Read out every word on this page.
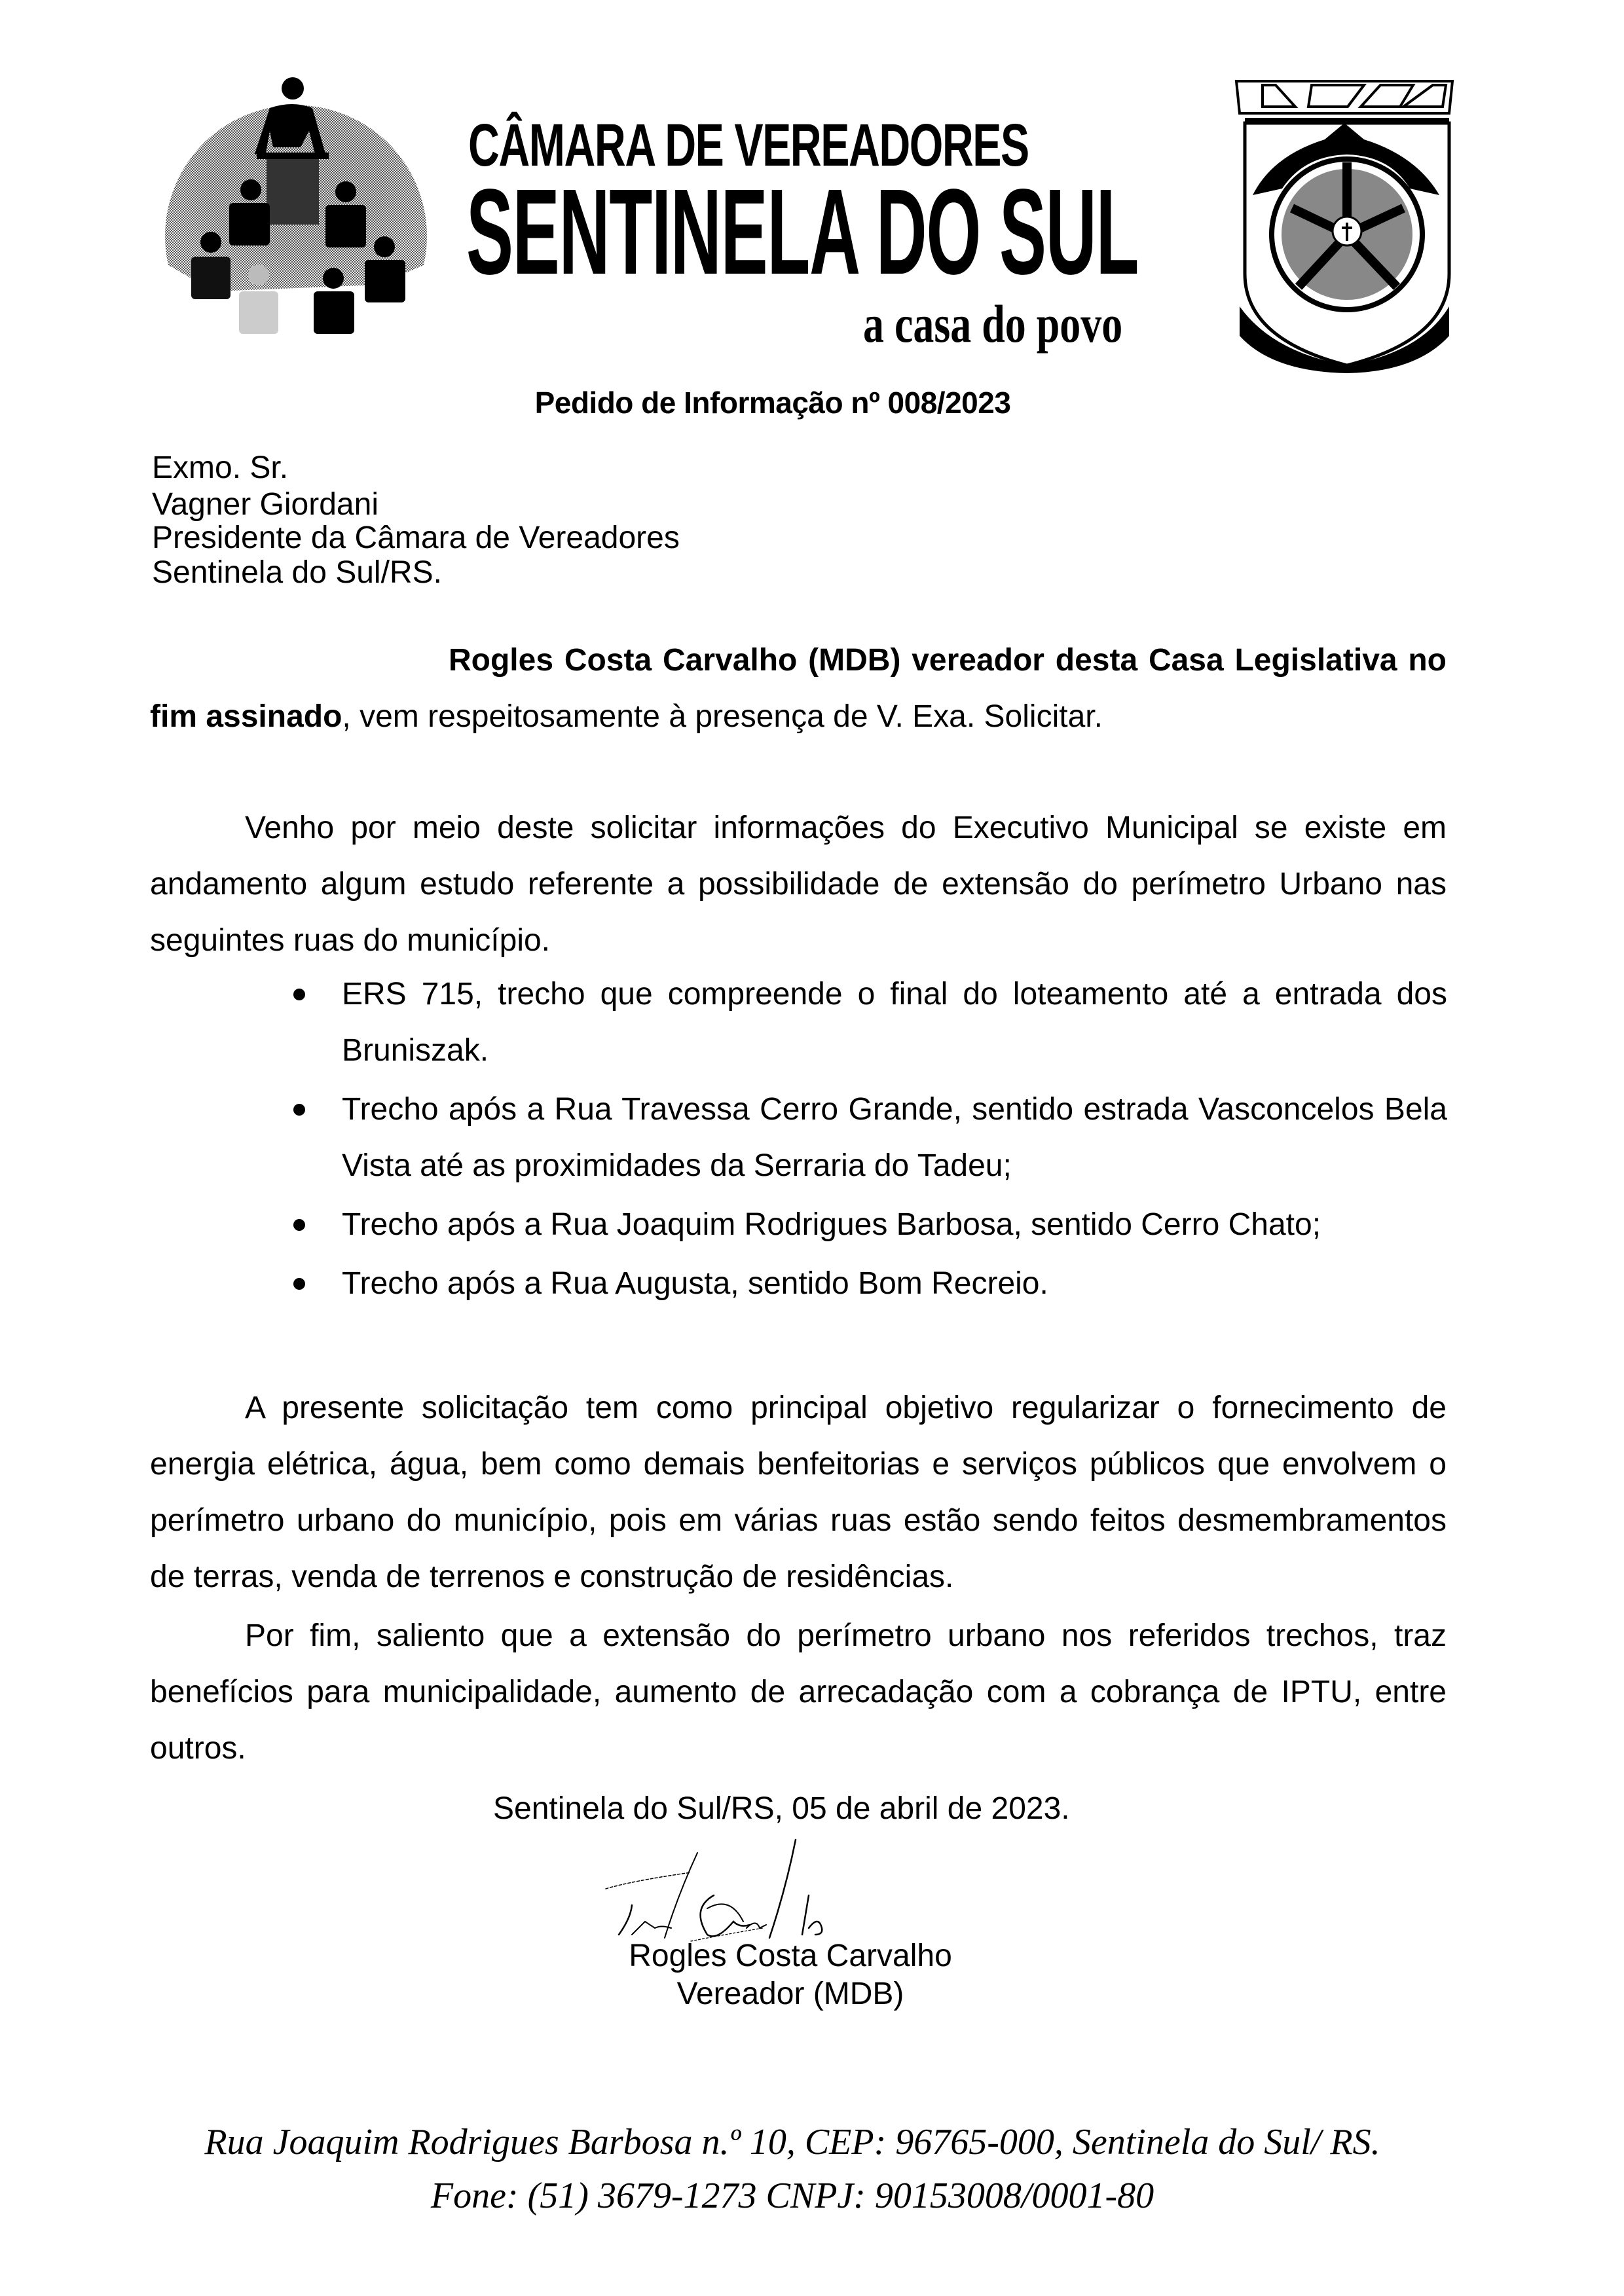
CÂMARA DE VEREADORES
SENTINELA DO SUL
a casa do povo
Pedido de Informação nº 008/2023
Exmo. Sr.
Vagner Giordani
Presidente da Câmara de Vereadores
Sentinela do Sul/RS.
Rogles Costa Carvalho (MDB) vereador desta Casa Legislativa no fim assinado, vem respeitosamente à presença de V. Exa. Solicitar.
Venho por meio deste solicitar informações do Executivo Municipal se existe em andamento algum estudo referente a possibilidade de extensão do perímetro Urbano nas seguintes ruas do município.
ERS 715, trecho que compreende o final do loteamento até a entrada dos Bruniszak.
Trecho após a Rua Travessa Cerro Grande, sentido estrada Vasconcelos Bela Vista até as proximidades da Serraria do Tadeu;
Trecho após a Rua Joaquim Rodrigues Barbosa, sentido Cerro Chato;
Trecho após a Rua Augusta, sentido Bom Recreio.
A presente solicitação tem como principal objetivo regularizar o fornecimento de energia elétrica, água, bem como demais benfeitorias e serviços públicos que envolvem o perímetro urbano do município, pois em várias ruas estão sendo feitos desmembramentos de terras, venda de terrenos e construção de residências.
Por fim, saliento que a extensão do perímetro urbano nos referidos trechos, traz benefícios para municipalidade, aumento de arrecadação com a cobrança de IPTU, entre outros.
Sentinela do Sul/RS, 05 de abril de 2023.
Rogles Costa Carvalho
Vereador (MDB)
Rua Joaquim Rodrigues Barbosa n.º 10, CEP: 96765-000, Sentinela do Sul/ RS.
Fone: (51) 3679-1273 CNPJ: 90153008/0001-80
